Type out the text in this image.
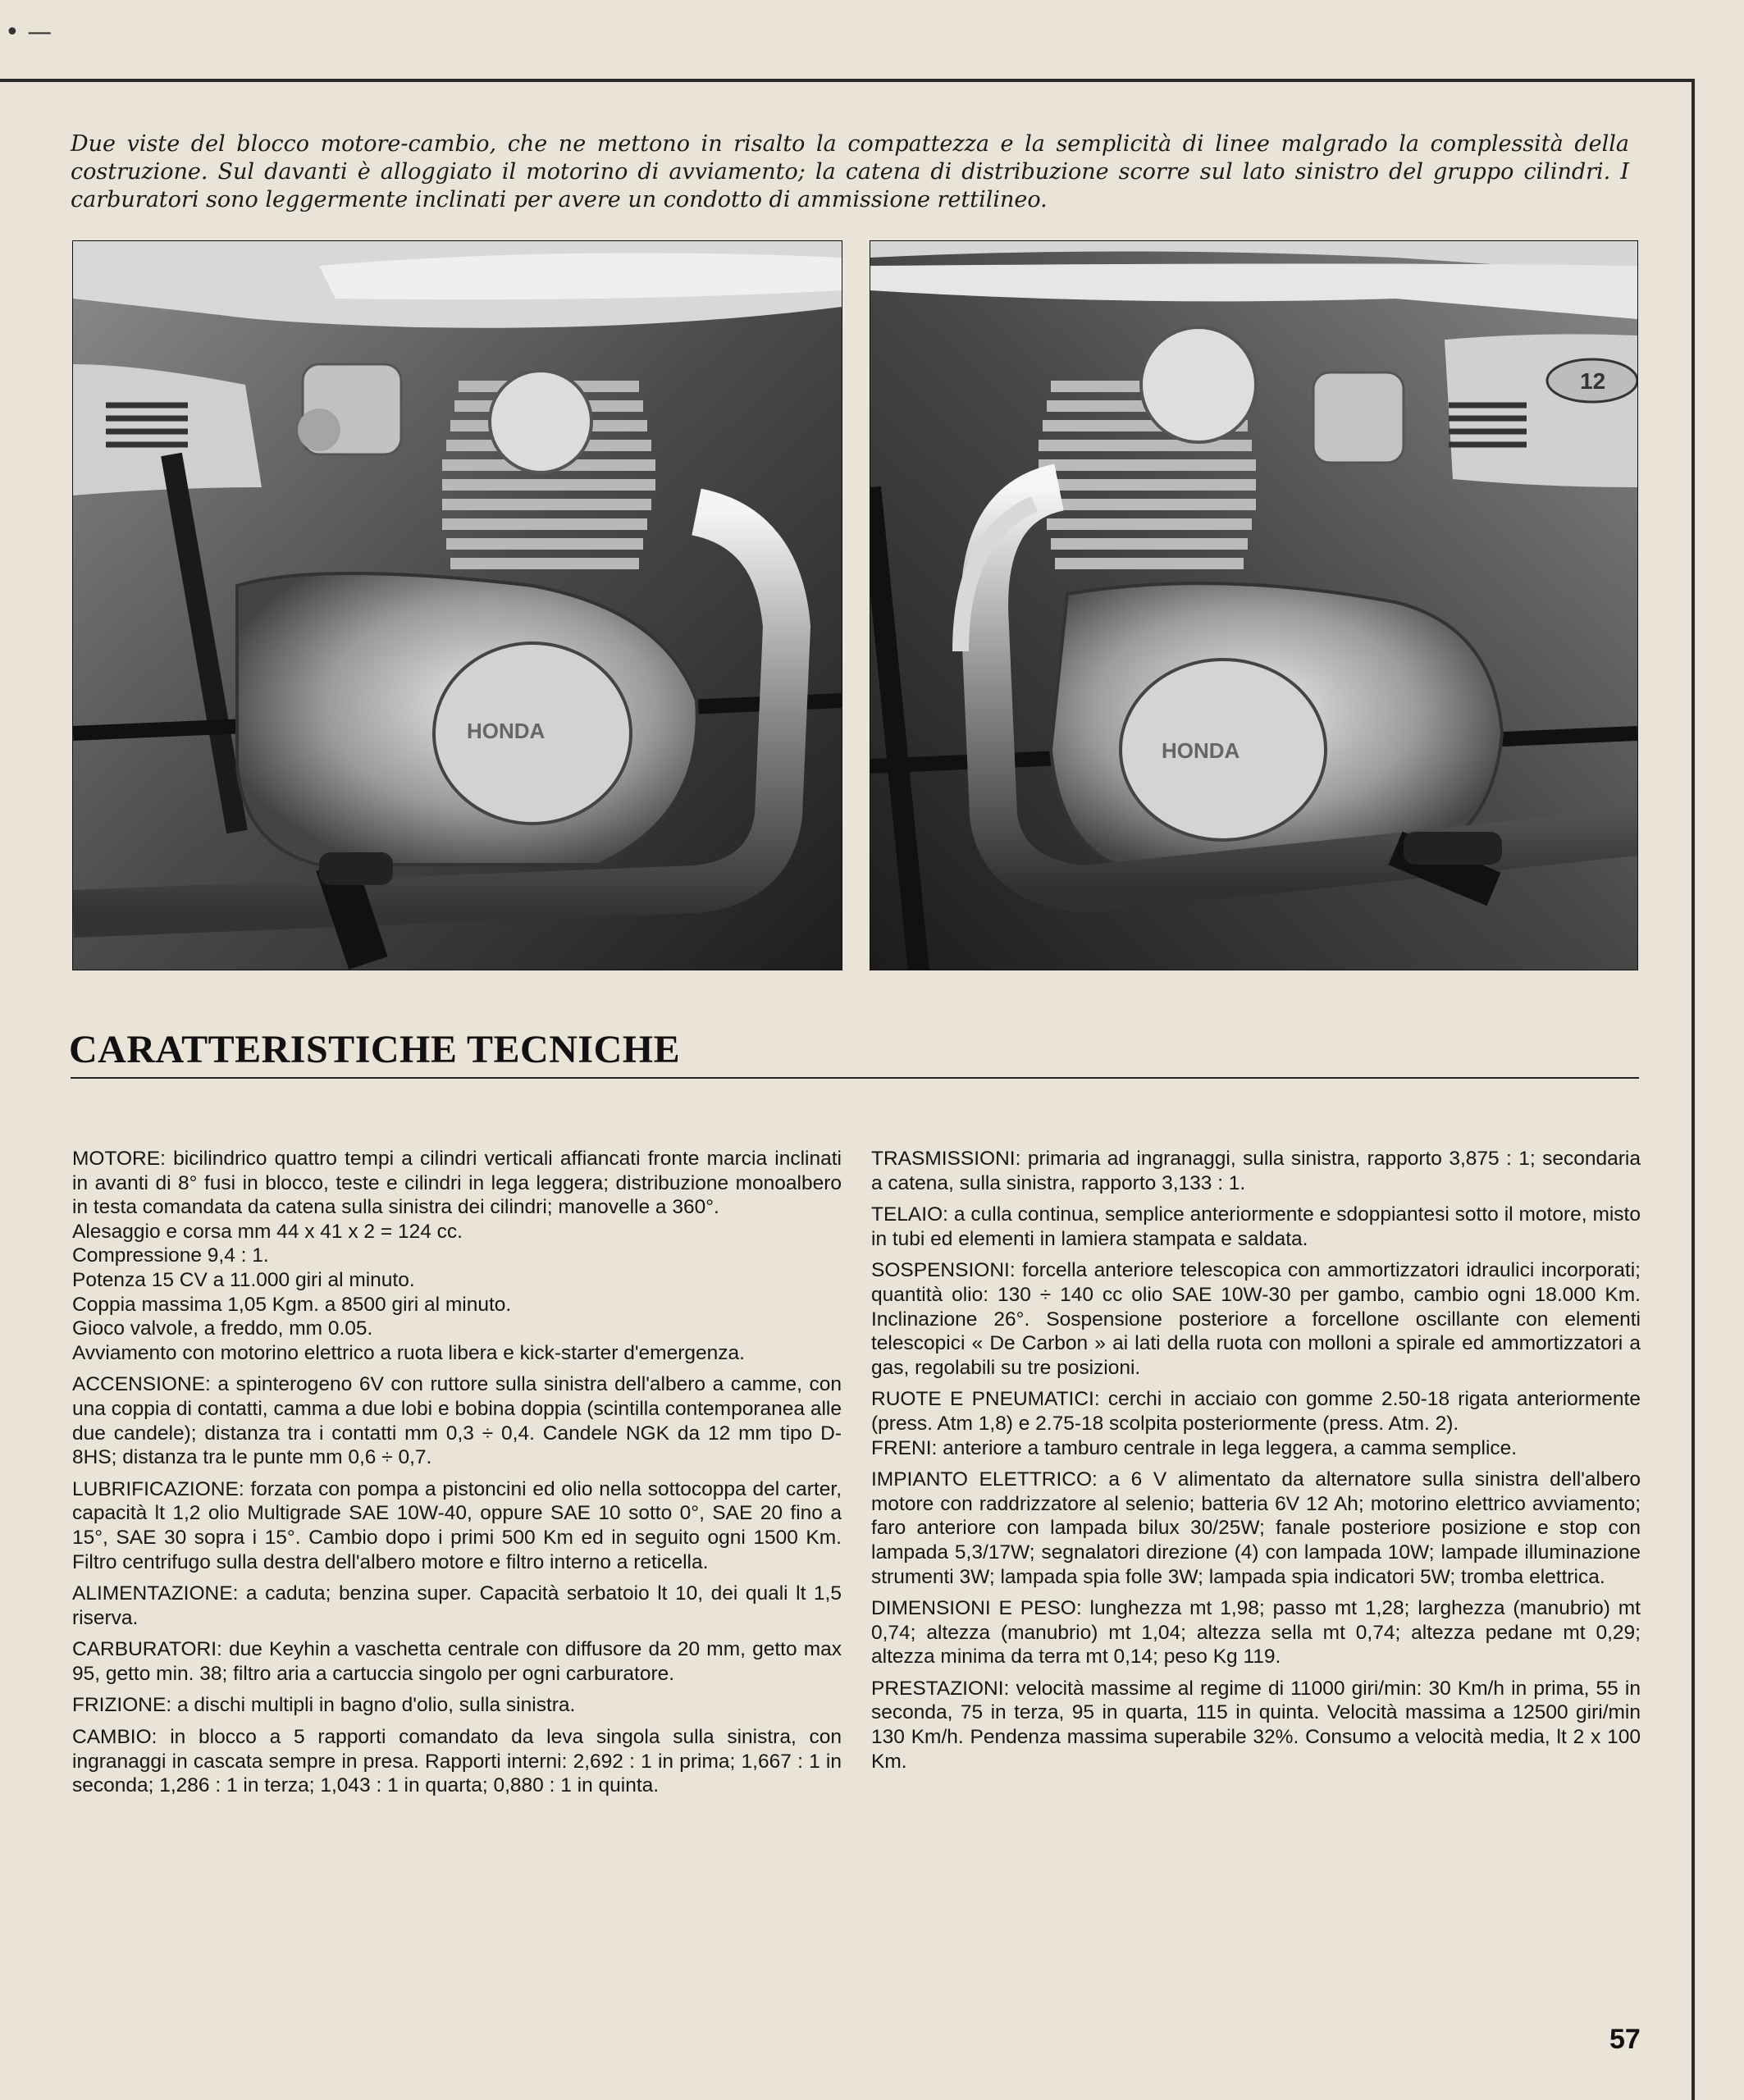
• —

Due viste del blocco motore-cambio, che ne mettono in risalto la compattezza e la semplicità di linee malgrado la complessità della costruzione. Sul davanti è alloggiato il motorino di avviamento; la catena di distribuzione scorre sul lato sinistro del gruppo cilindri. I carburatori sono leggermente inclinati per avere un condotto di ammissione rettilineo.

HONDA
12
HONDA
CARATTERISTICHE TECNICHE
MOTORE: bicilindrico quattro tempi a cilindri verticali affiancati fronte marcia inclinati in avanti di 8° fusi in blocco, teste e cilindri in lega leggera; distribuzione monoalbero in testa comandata da catena sulla sinistra dei cilindri; manovelle a 360°.
Alesaggio e corsa mm 44 x 41 x 2 = 124 cc.
Compressione 9,4 : 1.
Potenza 15 CV a 11.000 giri al minuto.
Coppia massima 1,05 Kgm. a 8500 giri al minuto.
Gioco valvole, a freddo, mm 0.05.
Avviamento con motorino elettrico a ruota libera e kick-starter d'emergenza.
ACCENSIONE: a spinterogeno 6V con ruttore sulla sinistra dell'albero a camme, con una coppia di contatti, camma a due lobi e bobina doppia (scintilla contemporanea alle due candele); distanza tra i contatti mm 0,3 ÷ 0,4. Candele NGK da 12 mm tipo D-8HS; distanza tra le punte mm 0,6 ÷ 0,7.
LUBRIFICAZIONE: forzata con pompa a pistoncini ed olio nella sottocoppa del carter, capacità lt 1,2 olio Multigrade SAE 10W-40, oppure SAE 10 sotto 0°, SAE 20 fino a 15°, SAE 30 sopra i 15°. Cambio dopo i primi 500 Km ed in seguito ogni 1500 Km. Filtro centrifugo sulla destra dell'albero motore e filtro interno a reticella.
ALIMENTAZIONE: a caduta; benzina super. Capacità serbatoio lt 10, dei quali lt 1,5 riserva.
CARBURATORI: due Keyhin a vaschetta centrale con diffusore da 20 mm, getto max 95, getto min. 38; filtro aria a cartuccia singolo per ogni carburatore.
FRIZIONE: a dischi multipli in bagno d'olio, sulla sinistra.
CAMBIO: in blocco a 5 rapporti comandato da leva singola sulla sinistra, con ingranaggi in cascata sempre in presa. Rapporti interni: 2,692 : 1 in prima; 1,667 : 1 in seconda; 1,286 : 1 in terza; 1,043 : 1 in quarta; 0,880 : 1 in quinta.
TRASMISSIONI: primaria ad ingranaggi, sulla sinistra, rapporto 3,875 : 1; secondaria a catena, sulla sinistra, rapporto 3,133 : 1.
TELAIO: a culla continua, semplice anteriormente e sdoppiantesi sotto il motore, misto in tubi ed elementi in lamiera stampata e saldata.
SOSPENSIONI: forcella anteriore telescopica con ammortizzatori idraulici incorporati; quantità olio: 130 ÷ 140 cc olio SAE 10W-30 per gambo, cambio ogni 18.000 Km. Inclinazione 26°. Sospensione posteriore a forcellone oscillante con elementi telescopici « De Carbon » ai lati della ruota con molloni a spirale ed ammortizzatori a gas, regolabili su tre posizioni.
RUOTE E PNEUMATICI: cerchi in acciaio con gomme 2.50-18 rigata anteriormente (press. Atm 1,8) e 2.75-18 scolpita posteriormente (press. Atm. 2).
FRENI: anteriore a tamburo centrale in lega leggera, a camma semplice.
IMPIANTO ELETTRICO: a 6 V alimentato da alternatore sulla sinistra dell'albero motore con raddrizzatore al selenio; batteria 6V 12 Ah; motorino elettrico avviamento; faro anteriore con lampada bilux 30/25W; fanale posteriore posizione e stop con lampada 5,3/17W; segnalatori direzione (4) con lampada 10W; lampade illuminazione strumenti 3W; lampada spia folle 3W; lampada spia indicatori 5W; tromba elettrica.
DIMENSIONI E PESO: lunghezza mt 1,98; passo mt 1,28; larghezza (manubrio) mt 0,74; altezza (manubrio) mt 1,04; altezza sella mt 0,74; altezza pedane mt 0,29; altezza minima da terra mt 0,14; peso Kg 119.
PRESTAZIONI: velocità massime al regime di 11000 giri/min: 30 Km/h in prima, 55 in seconda, 75 in terza, 95 in quarta, 115 in quinta. Velocità massima a 12500 giri/min 130 Km/h. Pendenza massima superabile 32%. Consumo a velocità media, lt 2 x 100 Km.
57
